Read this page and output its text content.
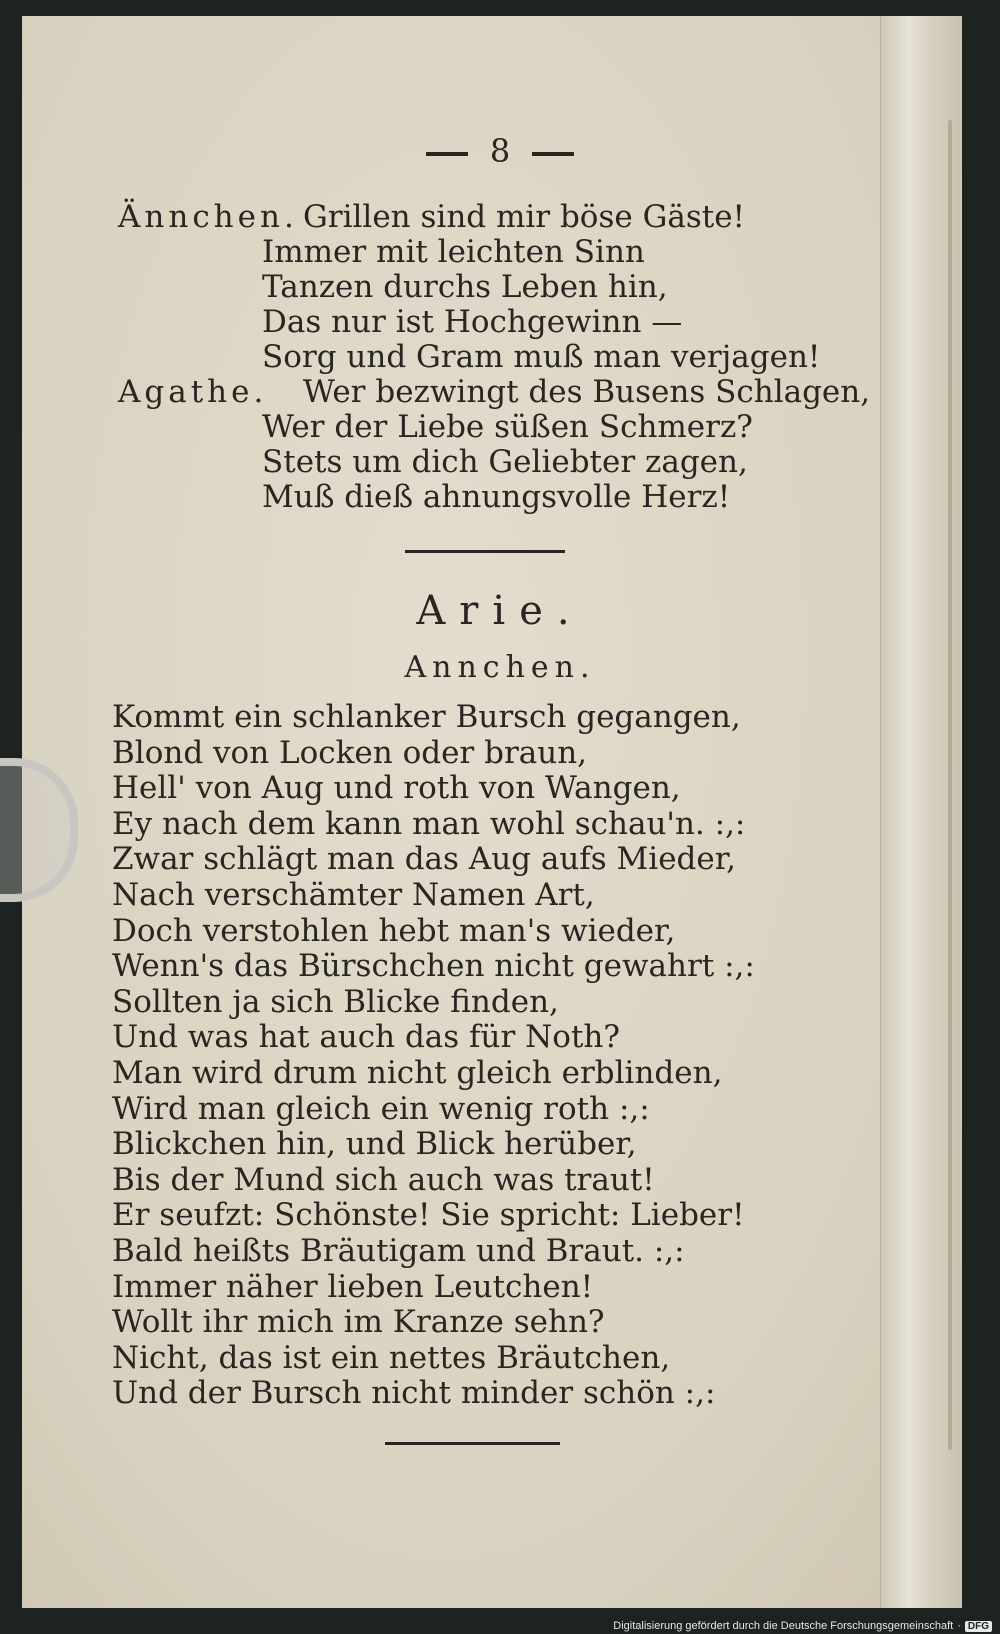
8
Ännchen. Grillen sind mir böse Gäste!
Immer mit leichten Sinn
Tanzen durchs Leben hin,
Das nur ist Hochgewinn —
Sorg und Gram muß man verjagen!
Agathe. Wer bezwingt des Busens Schlagen,
Wer der Liebe süßen Schmerz?
Stets um dich Geliebter zagen,
Muß dieß ahnungsvolle Herz!
Arie.
Annchen.
Kommt ein schlanker Bursch gegangen,
Blond von Locken oder braun,
Hell' von Aug und roth von Wangen,
Ey nach dem kann man wohl schau'n. :,:
Zwar schlägt man das Aug aufs Mieder,
Nach verschämter Namen Art,
Doch verstohlen hebt man's wieder,
Wenn's das Bürschchen nicht gewahrt :,:
Sollten ja sich Blicke finden,
Und was hat auch das für Noth?
Man wird drum nicht gleich erblinden,
Wird man gleich ein wenig roth :,:
Blickchen hin, und Blick herüber,
Bis der Mund sich auch was traut!
Er seufzt: Schönste! Sie spricht: Lieber!
Bald heißts Bräutigam und Braut. :,:
Immer näher lieben Leutchen!
Wollt ihr mich im Kranze sehn?
Nicht, das ist ein nettes Bräutchen,
Und der Bursch nicht minder schön :,:
Digitalisierung gefördert durch die Deutsche Forschungsgemeinschaft · DFG
